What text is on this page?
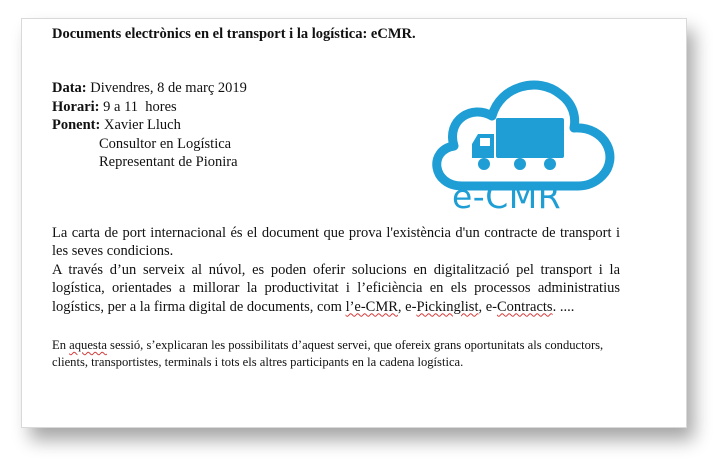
Documents electrònics en el transport i la logística: eCMR.
Data: Divendres, 8 de març 2019
Horari: 9 a 11  hores
Ponent: Xavier Lluch
Consultor en Logística
Representant de Pionira
e-CMR
La carta de port internacional és el document que prova l'existència d'un contracte de transport i les seves condicions.
A través d’un serveix al núvol, es poden oferir solucions en digitalització pel transport i la logística, orientades a millorar la productivitat i l’eficiència en els processos administratius logístics, per a la firma digital de documents, com l’e-CMR, e-Pickinglist, e-Contracts. ....
En aquesta sessió, s’explicaran les possibilitats d’aquest servei, que ofereix grans oportunitats als conductors, clients, transportistes, terminals i tots els altres participants en la cadena logística.
